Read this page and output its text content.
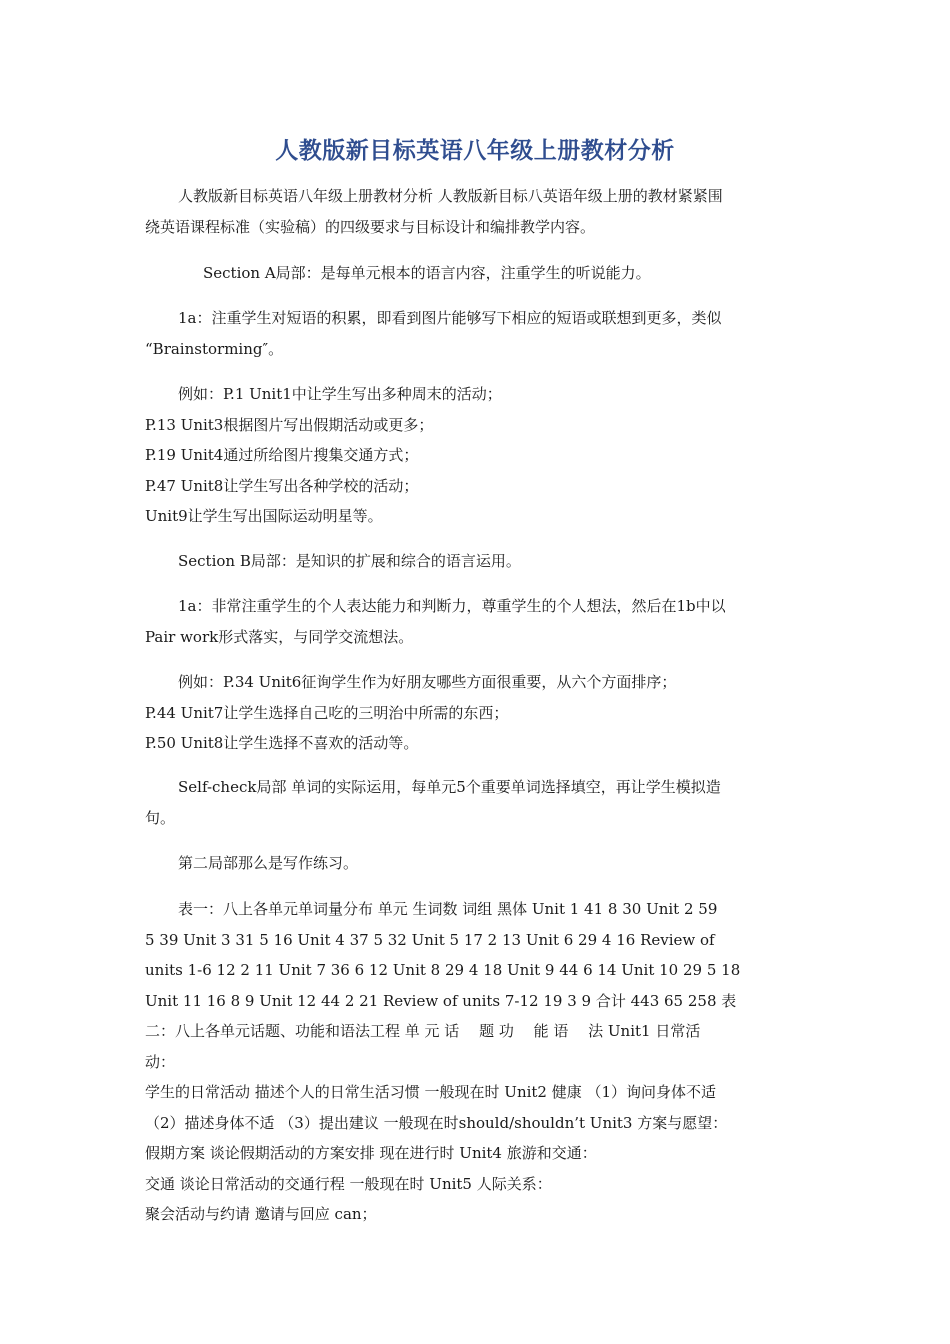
人教版新目标英语八年级上册教材分析
人教版新目标英语八年级上册教材分析 人教版新目标八英语年级上册的教材紧紧围
绕英语课程标准（实验稿）的四级要求与目标设计和编排教学内容。
Section A局部：是每单元根本的语言内容，注重学生的听说能力。
1a：注重学生对短语的积累，即看到图片能够写下相应的短语或联想到更多，类似
“Brainstorming″。
例如：P.1 Unit1中让学生写出多种周末的活动；
P.13 Unit3根据图片写出假期活动或更多；
P.19 Unit4通过所给图片搜集交通方式；
P.47 Unit8让学生写出各种学校的活动；
Unit9让学生写出国际运动明星等。
Section B局部：是知识的扩展和综合的语言运用。
1a：非常注重学生的个人表达能力和判断力，尊重学生的个人想法，然后在1b中以
Pair work形式落实，与同学交流想法。
例如：P.34 Unit6征询学生作为好朋友哪些方面很重要，从六个方面排序；
P.44 Unit7让学生选择自己吃的三明治中所需的东西；
P.50 Unit8让学生选择不喜欢的活动等。
Self-check局部 单词的实际运用，每单元5个重要单词选择填空，再让学生模拟造
句。
第二局部那么是写作练习。
表一：八上各单元单词量分布 单元 生词数 词组 黑体 Unit 1 41 8 30 Unit 2 59
5 39 Unit 3 31 5 16 Unit 4 37 5 32 Unit 5 17 2 13 Unit 6 29 4 16 Review of
units 1-6 12 2 11 Unit 7 36 6 12 Unit 8 29 4 18 Unit 9 44 6 14 Unit 10 29 5 18
Unit 11 16 8 9 Unit 12 44 2 21 Review of units 7-12 19 3 9 合计 443 65 258 表
二：八上各单元话题、功能和语法工程 单 元 话　 题 功　 能 语　 法 Unit1 日常活
动：
学生的日常活动 描述个人的日常生活习惯 一般现在时 Unit2 健康 （1）询问身体不适
（2）描述身体不适 （3）提出建议 一般现在时should/shouldn’t Unit3 方案与愿望：
假期方案 谈论假期活动的方案安排 现在进行时 Unit4 旅游和交通：
交通 谈论日常活动的交通行程 一般现在时 Unit5 人际关系：
聚会活动与约请 邀请与回应 can；
